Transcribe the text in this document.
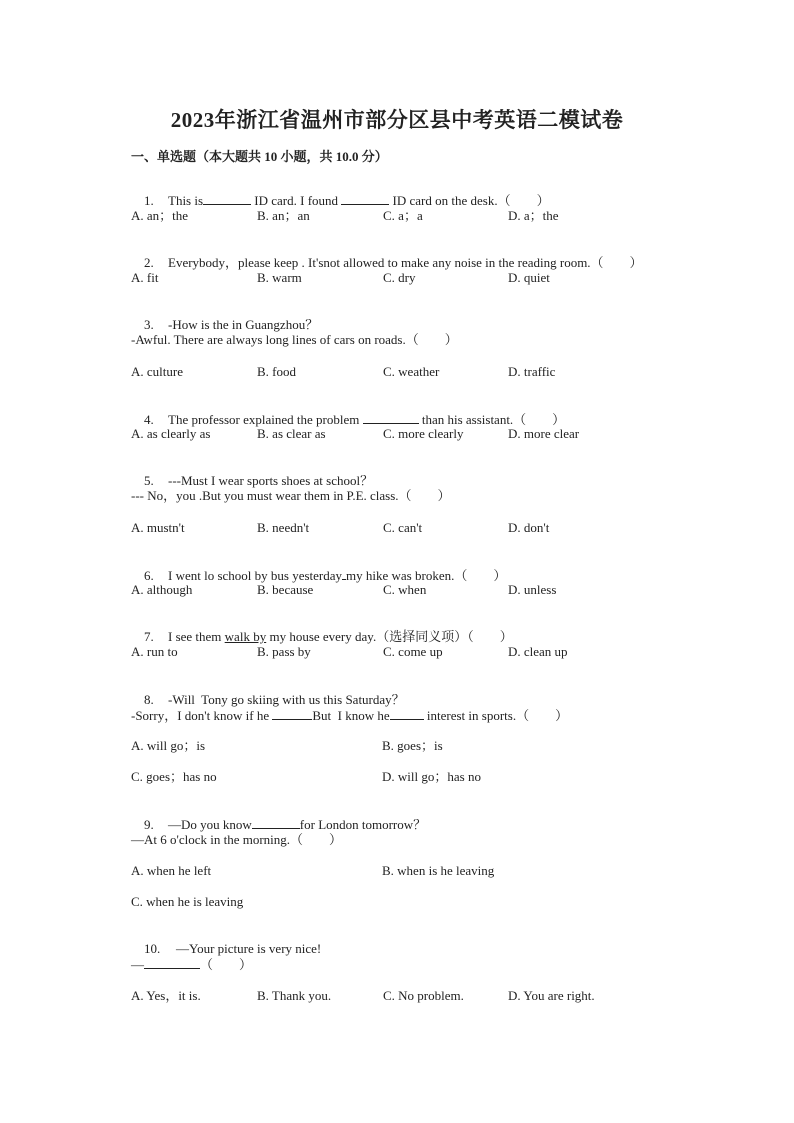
2023年浙江省温州市部分区县中考英语二模试卷
一、单选题（本大题共 10 小题，共 10.0 分）

1. This is	ID card. I found	ID card on the desk.（　　）

A. an；the	B. an；an	C. a；a	D. a；the

2. Everybody，please keep . It'snot allowed to make any noise in the reading room.（　　）

A. fit	B. warm	C. dry	D. quiet

3. -How is the in Guangzhou？

-Awful. There are always long lines of cars on roads.（　　）
A. culture	B. food	C. weather	D. traffic

4. The professor explained the problem	than his assistant.（　　）

A. as clearly as	B. as clear as	C. more clearly	D. more clear

5. ---Must I wear sports shoes at school？

--- No，you .But you must wear them in P.E. class.（　　）
A. mustn't	B. needn't	C. can't	D. don't

6. I went lo school by bus yesterday my hike was broken.（　　）

A. although	B. because	C. when	D. unless

7. I see them walk by my house every day.（选择同义项）（　　）

A. run to	B. pass by	C. come up	D. clean up

8. -Will  Tony go skiing with us this Saturday？

-Sorry，I don't know if he	But  I know he	interest in sports.（　　）
A. will go；is	B. goes；is
C. goes；has no	D. will go；has no

9. —Do you know	for London tomorrow？

—At 6 o'clock in the morning.（　　）
A. when he left	B. when is he leaving
C. when he is leaving

10. —Your picture is very nice!

—	（　　）
A. Yes，it is.	B. Thank you.	C. No problem.	D. You are right.
